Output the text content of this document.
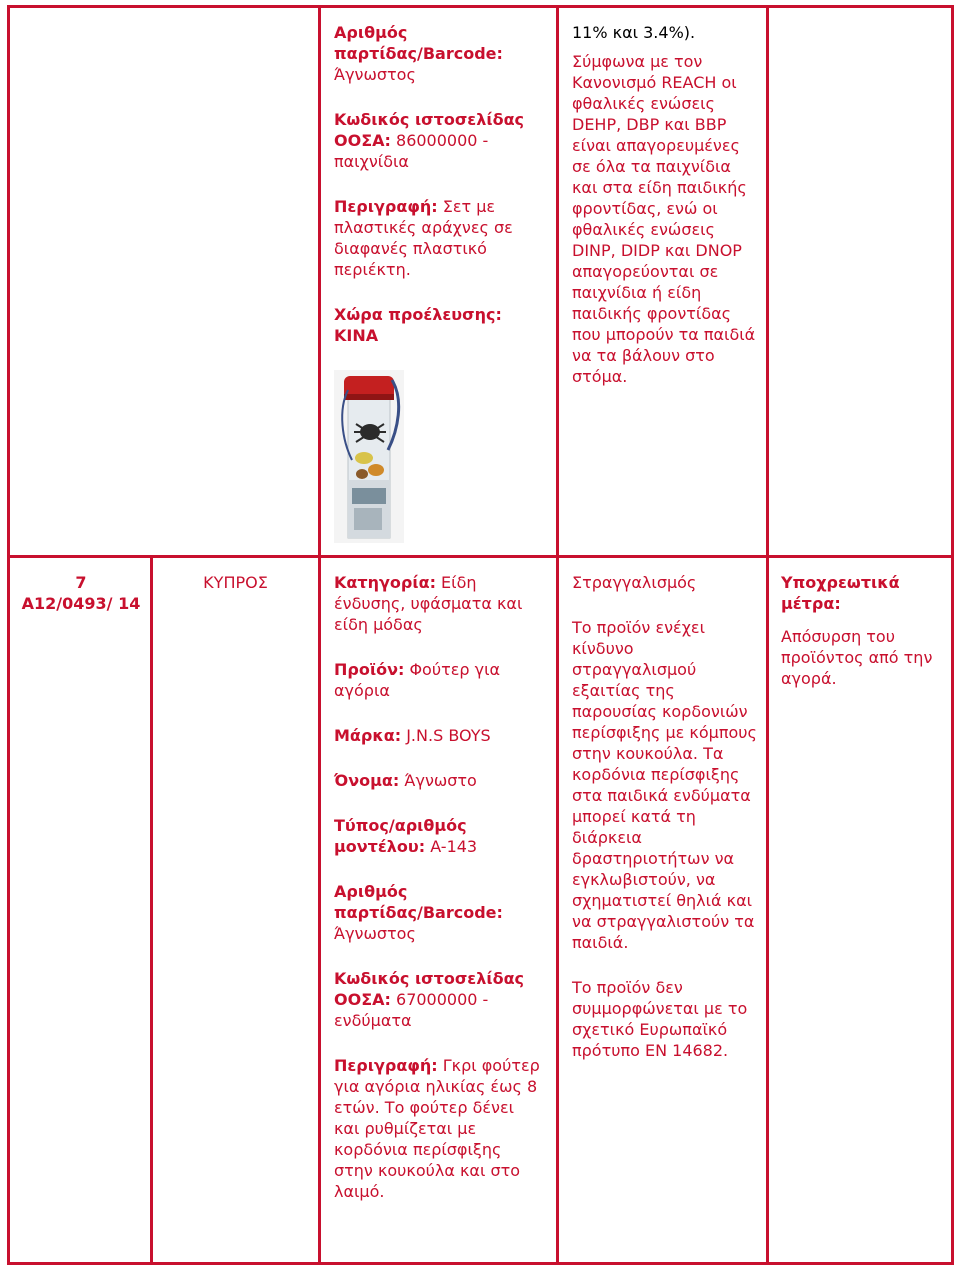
Αριθμός παρτίδας/Barcode:
Άγνωστος

Κωδικός ιστοσελίδας ΟΟΣΑ: 86000000 - παιχνίδια

Περιγραφή: Σετ με πλαστικές αράχνες σε διαφανές πλαστικό περιέκτη.

Χώρα προέλευσης:
ΚΙΝΑ

11% και 3.4%).

Σύμφωνα με τον Κανονισμό REACH οι φθαλικές ενώσεις DEHP, DBP και BBP είναι απαγορευμένες σε όλα τα παιχνίδια και στα είδη παιδικής φροντίδας, ενώ οι φθαλικές ενώσεις DINP, DIDP και DNOP απαγορεύονται σε παιχνίδια ή είδη παιδικής φροντίδας που μπορούν τα παιδιά να τα βάλουν στο στόμα.

7
A12/0493/ 14
ΚΥΠΡΟΣ	Κατηγορία: Είδη ένδυσης, υφάσματα και είδη μόδας

Προϊόν: Φούτερ για αγόρια

Μάρκα: J.N.S BOYS

Όνομα: Άγνωστο

Τύπος/αριθμός μοντέλου: A-143

Αριθμός παρτίδας/Barcode:
Άγνωστος

Κωδικός ιστοσελίδας ΟΟΣΑ: 67000000 - ενδύματα

Περιγραφή: Γκρι φούτερ για αγόρια ηλικίας έως 8 ετών. Το φούτερ δένει και ρυθμίζεται με κορδόνια περίσφιξης στην κουκούλα και στο λαιμό.

Στραγγαλισμός

Το προϊόν ενέχει κίνδυνο στραγγαλισμού εξαιτίας της παρουσίας κορδονιών περίσφιξης με κόμπους στην κουκούλα. Τα κορδόνια περίσφιξης στα παιδικά ενδύματα μπορεί κατά τη διάρκεια δραστηριοτήτων να εγκλωβιστούν, να σχηματιστεί θηλιά και να στραγγαλιστούν τα παιδιά.

Το προϊόν δεν συμμορφώνεται με το σχετικό Ευρωπαϊκό πρότυπο EN 14682.

Υποχρεωτικά μέτρα:

Απόσυρση του προϊόντος από την αγορά.
